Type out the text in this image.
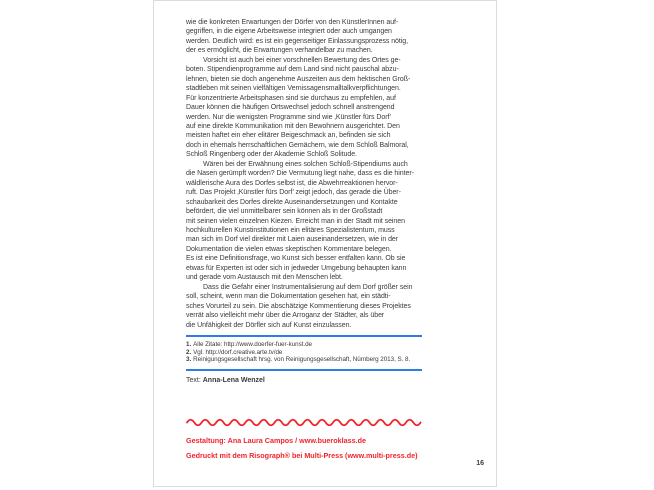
wie die konkreten Erwartungen der Dörfer von den KünstlerInnen auf-
gegriffen, in die eigene Arbeitsweise integriert oder auch umgangen
werden. Deutlich wird: es ist ein gegenseitiger Einlassungsprozess nötig,
der es ermöglicht, die Erwartungen verhandelbar zu machen.

Vorsicht ist auch bei einer vorschnellen Bewertung des Ortes ge-
boten. Stipendienprogramme auf dem Land sind nicht pauschal abzu-
lehnen, bieten sie doch angenehme Auszeiten aus dem hektischen Groß-
stadtleben mit seinen vielfältigen Vernissagensmalltalkverpflichtungen.
Für konzentrierte Arbeitsphasen sind sie durchaus zu empfehlen, auf
Dauer können die häufigen Ortswechsel jedoch schnell anstrengend
werden. Nur die wenigsten Programme sind wie ‚Künstler fürs Dorf’
auf eine direkte Kommunikation mit den Bewohnern ausgerichtet. Den
meisten haftet ein eher elitärer Beigeschmack an, befinden sie sich
doch in ehemals herrschaftlichen Gemächern, wie dem Schloß Balmoral,
Schloß Ringenberg oder der Akademie Schloß Solitude.

Wären bei der Erwähnung eines solchen Schloß-Stipendiums auch
die Nasen gerümpft worden? Die Vermutung liegt nahe, dass es die hinter-
wäldlerische Aura des Dorfes selbst ist, die Abwehrreaktionen hervor-
ruft. Das Projekt ‚Künstler fürs Dorf’ zeigt jedoch, das gerade die Über-
schaubarkeit des Dorfes direkte Auseinandersetzungen und Kontakte
befördert, die viel unmittelbarer sein können als in der Großstadt
mit seinen vielen einzelnen Kiezen. Erreicht man in der Stadt mit seinen
hochkulturellen Kunstinstitutionen ein elitäres Spezialistentum, muss
man sich im Dorf viel direkter mit Laien auseinandersetzen, wie in der
Dokumentation die vielen etwas skeptischen Kommentare belegen.
Es ist eine Definitionsfrage, wo Kunst sich besser entfalten kann. Ob sie
etwas für Experten ist oder sich in jedweder Umgebung behaupten kann
und gerade vom Austausch mit den Menschen lebt.

Dass die Gefahr einer Instrumentalisierung auf dem Dorf größer sein
soll, scheint, wenn man die Dokumentation gesehen hat, ein städti-
sches Vorurteil zu sein. Die abschätzige Kommentierung dieses Projektes
verrät also vielleicht mehr über die Arroganz der Städter, als über
die Unfähigkeit der Dörfler sich auf Kunst einzulassen.

1. Alle Zitate: http://www.doerfer-fuer-kunst.de
2. Vgl. http://dorf.creative.arte.tv/de
3. Reinigungsgesellschaft hrsg. von Reinigungsgesellschaft, Nürnberg 2013, S. 8.
Text: Anna-Lena Wenzel
Gestaltung: Ana Laura Campos / www.bueroklass.de
Gedruckt mit dem Risograph® bei Multi-Press (www.multi-press.de)
16
